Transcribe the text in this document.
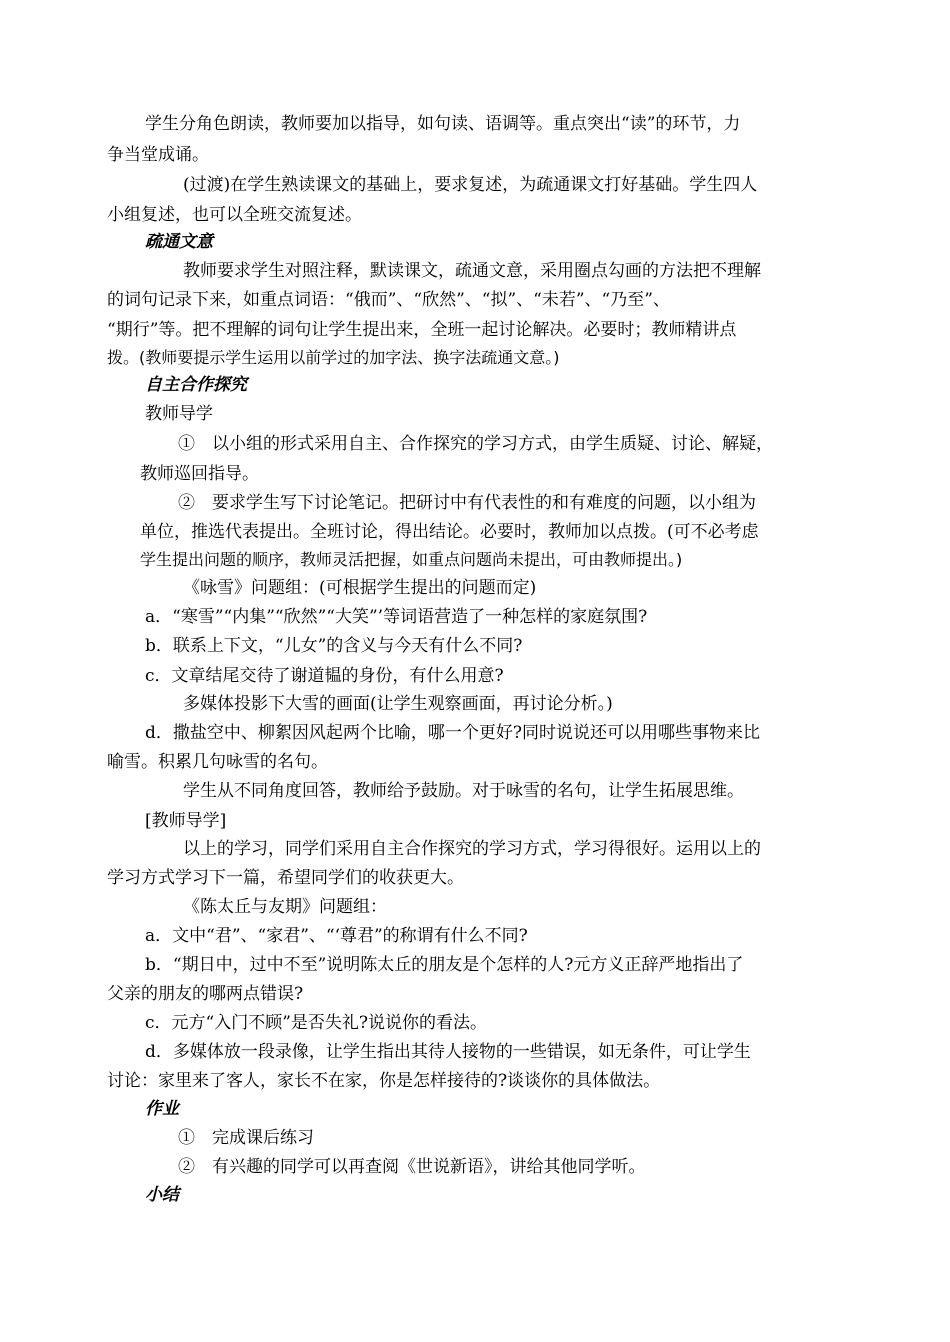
学生分角色朗读，教师要加以指导，如句读、语调等。重点突出“读”的环节，力
争当堂成诵。
(过渡)在学生熟读课文的基础上，要求复述，为疏通课文打好基础。学生四人
小组复述，也可以全班交流复述。
疏通文意
教师要求学生对照注释，默读课文，疏通文意，采用圈点勾画的方法把不理解
的词句记录下来，如重点词语：“俄而”、“欣然”、“拟”、“未若”、“乃至”、
“期行”等。把不理解的词句让学生提出来，全班一起讨论解决。必要时；教师精讲点
拨。(教师要提示学生运用以前学过的加字法、换字法疏通文意。)
自主合作探究
教师导学
①　以小组的形式采用自主、合作探究的学习方式，由学生质疑、讨论、解疑，
教师巡回指导。
②　要求学生写下讨论笔记。把研讨中有代表性的和有难度的问题，以小组为
单位，推选代表提出。全班讨论，得出结论。必要时，教师加以点拨。(可不必考虑
学生提出问题的顺序，教师灵活把握，如重点问题尚未提出，可由教师提出。)
《咏雪》问题组：(可根据学生提出的问题而定)
a．“寒雪”“内集”“欣然”“大笑”’等词语营造了一种怎样的家庭氛围?
b．联系上下文，“儿女”的含义与今天有什么不同?
c．文章结尾交待了谢道韫的身份，有什么用意?
多媒体投影下大雪的画面(让学生观察画面，再讨论分析。)
d．撒盐空中、柳絮因风起两个比喻，哪一个更好?同时说说还可以用哪些事物来比
喻雪。积累几句咏雪的名句。
学生从不同角度回答，教师给予鼓励。对于咏雪的名句，让学生拓展思维。
[教师导学]
以上的学习，同学们采用自主合作探究的学习方式，学习得很好。运用以上的
学习方式学习下一篇，希望同学们的收获更大。
《陈太丘与友期》问题组：
a．文中“君”、“家君”、“‘尊君”的称谓有什么不同?
b．“期日中，过中不至”说明陈太丘的朋友是个怎样的人?元方义正辞严地指出了
父亲的朋友的哪两点错误?
c．元方“入门不顾”是否失礼?说说你的看法。
d．多媒体放一段录像，让学生指出其待人接物的一些错误，如无条件，可让学生
讨论：家里来了客人，家长不在家，你是怎样接待的?谈谈你的具体做法。
作业
①　完成课后练习
②　有兴趣的同学可以再查阅《世说新语》，讲给其他同学听。
小结
